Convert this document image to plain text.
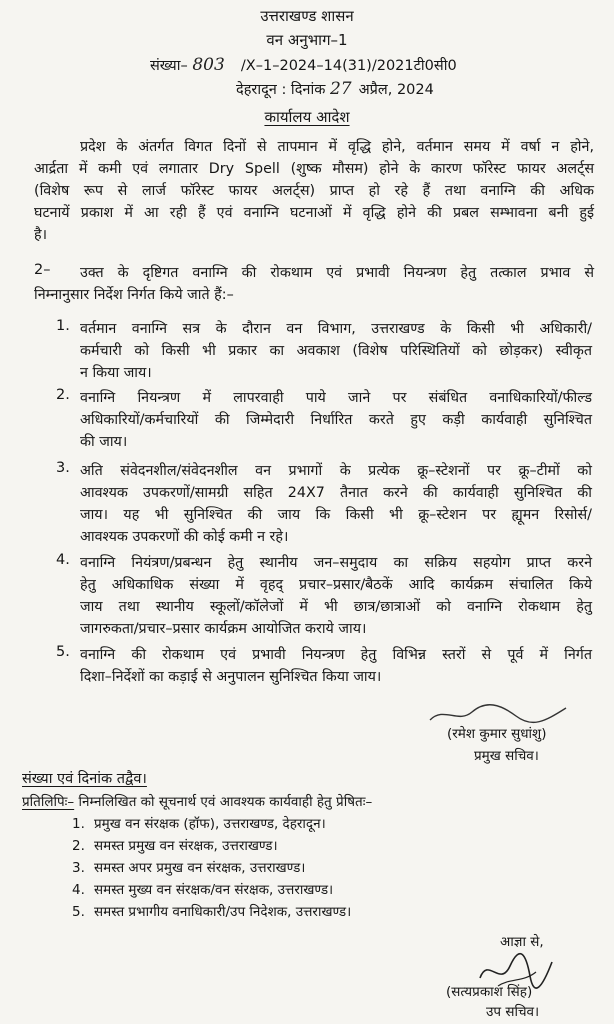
उत्तराखण्ड शासन
वन अनुभाग–1
संख्या– 803 /X–1–2024–14(31)/2021टी0सी0
देहरादून : दिनांक 27 अप्रैल, 2024
कार्यालय आदेश
प्रदेश के अंतर्गत विगत दिनों से तापमान में वृद्धि होने, वर्तमान समय में वर्षा न होने,
आर्द्रता में कमी एवं लगातार Dry Spell (शुष्क मौसम) होने के कारण फॉरेस्ट फायर अलर्ट्स
(विशेष रूप से लार्ज फॉरेस्ट फायर अलर्ट्स) प्राप्त हो रहे हैं तथा वनाग्नि की अधिक
घटनायें प्रकाश में आ रही हैं एवं वनाग्नि घटनाओं में वृद्धि होने की प्रबल सम्भावना बनी हुई
है।
2–	उक्त के दृष्टिगत वनाग्नि की रोकथाम एवं प्रभावी नियन्त्रण हेतु तत्काल प्रभाव से
निम्नानुसार निर्देश निर्गत किये जाते हैं:–
1. वर्तमान वनाग्नि सत्र के दौरान वन विभाग, उत्तराखण्ड के किसी भी अधिकारी/
कर्मचारी को किसी भी प्रकार का अवकाश (विशेष परिस्थितियों को छोड़कर) स्वीकृत
न किया जाय।
2. वनाग्नि नियन्त्रण में लापरवाही पाये जाने पर संबंधित वनाधिकारियों/फील्ड
अधिकारियों/कर्मचारियों की जिम्मेदारी निर्धारित करते हुए कड़ी कार्यवाही सुनिश्चित
की जाय।
3. अति संवेदनशील/संवेदनशील वन प्रभागों के प्रत्येक क्रू–स्टेशनों पर क्रू–टीमों को
आवश्यक उपकरणों/सामग्री सहित 24X7 तैनात करने की कार्यवाही सुनिश्चित की
जाय। यह भी सुनिश्चित की जाय कि किसी भी क्रू–स्टेशन पर ह्यूमन रिसोर्स/
आवश्यक उपकरणों की कोई कमी न रहे।
4. वनाग्नि नियंत्रण/प्रबन्धन हेतु स्थानीय जन–समुदाय का सक्रिय सहयोग प्राप्त करने
हेतु अधिकाधिक संख्या में वृहद् प्रचार–प्रसार/बैठकें आदि कार्यक्रम संचालित किये
जाय तथा स्थानीय स्कूलों/कॉलेजों में भी छात्र/छात्राओं को वनाग्नि रोकथाम हेतु
जागरुकता/प्रचार–प्रसार कार्यक्रम आयोजित कराये जाय।
5. वनाग्नि की रोकथाम एवं प्रभावी नियन्त्रण हेतु विभिन्न स्तरों से पूर्व में निर्गत
दिशा–निर्देशों का कड़ाई से अनुपालन सुनिश्चित किया जाय।
(रमेश कुमार सुधांशु)
प्रमुख सचिव।
संख्या एवं दिनांक तद्वैव।
प्रतिलिपिः– निम्नलिखित को सूचनार्थ एवं आवश्यक कार्यवाही हेतु प्रेषितः–
1. प्रमुख वन संरक्षक (हॉफ), उत्तराखण्ड, देहरादून।
2. समस्त प्रमुख वन संरक्षक, उत्तराखण्ड।
3. समस्त अपर प्रमुख वन संरक्षक, उत्तराखण्ड।
4. समस्त मुख्य वन संरक्षक/वन संरक्षक, उत्तराखण्ड।
5. समस्त प्रभागीय वनाधिकारी/उप निदेशक, उत्तराखण्ड।
आज्ञा से,
(सत्यप्रकाश सिंह)
उप सचिव।
